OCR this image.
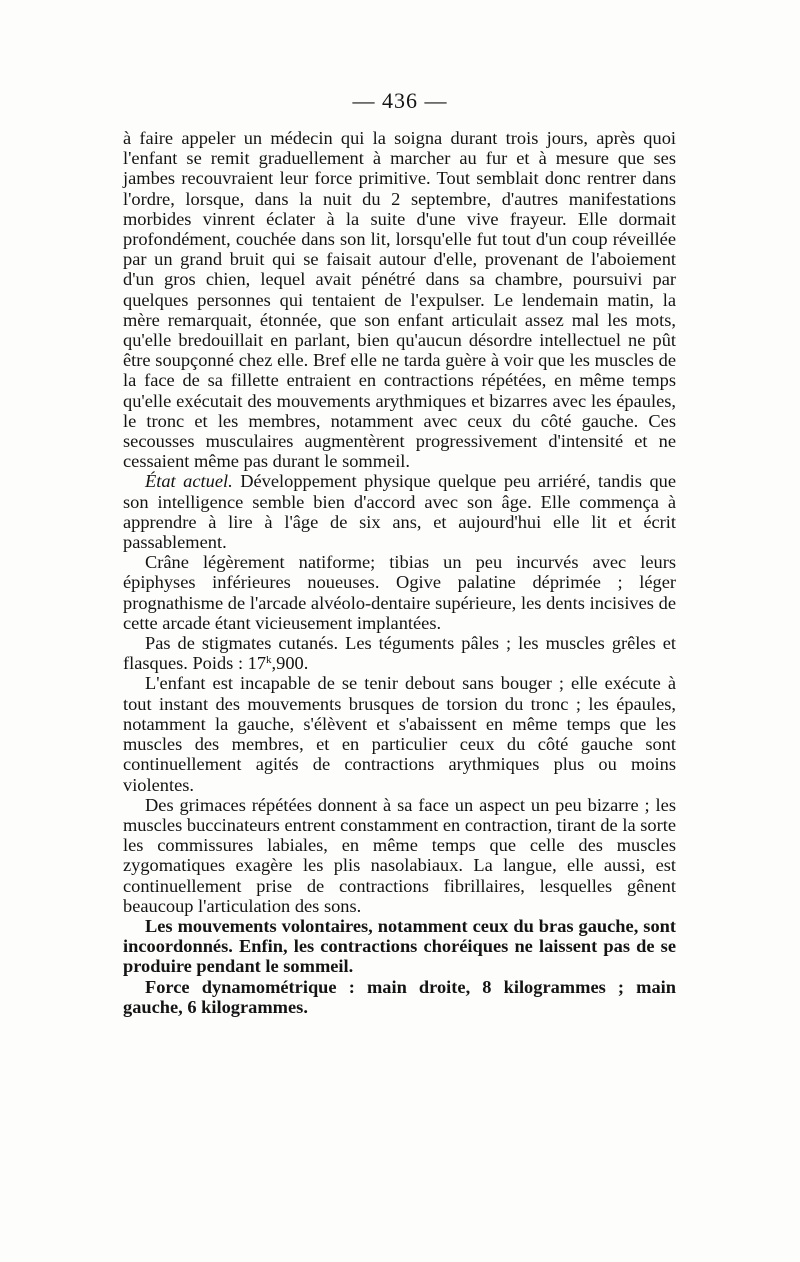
— 436 —

à faire appeler un médecin qui la soigna durant trois jours, après quoi l'enfant se remit graduellement à marcher au fur et à mesure que ses jambes recouvraient leur force primitive. Tout semblait donc rentrer dans l'ordre, lorsque, dans la nuit du 2 septembre, d'autres manifestations morbides vinrent éclater à la suite d'une vive frayeur. Elle dormait profondément, couchée dans son lit, lorsqu'elle fut tout d'un coup réveillée par un grand bruit qui se faisait autour d'elle, provenant de l'aboiement d'un gros chien, lequel avait pénétré dans sa chambre, poursuivi par quelques personnes qui tentaient de l'expulser. Le lendemain matin, la mère remarquait, étonnée, que son enfant articulait assez mal les mots, qu'elle bredouillait en parlant, bien qu'aucun désordre intellectuel ne pût être soupçonné chez elle. Bref elle ne tarda guère à voir que les muscles de la face de sa fillette entraient en contractions répétées, en même temps qu'elle exécutait des mouvements arythmiques et bizarres avec les épaules, le tronc et les membres, notamment avec ceux du côté gauche. Ces secousses musculaires augmentèrent progressivement d'intensité et ne cessaient même pas durant le sommeil.

État actuel. Développement physique quelque peu arriéré, tandis que son intelligence semble bien d'accord avec son âge. Elle commença à apprendre à lire à l'âge de six ans, et aujourd'hui elle lit et écrit passablement.

Crâne légèrement natiforme; tibias un peu incurvés avec leurs épiphyses inférieures noueuses. Ogive palatine déprimée ; léger prognathisme de l'arcade alvéolo-dentaire supérieure, les dents incisives de cette arcade étant vicieusement implantées.

Pas de stigmates cutanés. Les téguments pâles ; les muscles grêles et flasques. Poids : 17$^k$,900.

L'enfant est incapable de se tenir debout sans bouger ; elle exécute à tout instant des mouvements brusques de torsion du tronc ; les épaules, notamment la gauche, s'élèvent et s'abaissent en même temps que les muscles des membres, et en particulier ceux du côté gauche sont continuellement agités de contractions arythmiques plus ou moins violentes.

Des grimaces répétées donnent à sa face un aspect un peu bizarre ; les muscles buccinateurs entrent constamment en contraction, tirant de la sorte les commissures labiales, en même temps que celle des muscles zygomatiques exagère les plis nasolabiaux. La langue, elle aussi, est continuellement prise de contractions fibrillaires, lesquelles gênent beaucoup l'articulation des sons.

Les mouvements volontaires, notamment ceux du bras gauche, sont incoordonnés. Enfin, les contractions choréiques ne laissent pas de se produire pendant le sommeil.

Force dynamométrique : main droite, 8 kilogrammes ; main gauche, 6 kilogrammes.
